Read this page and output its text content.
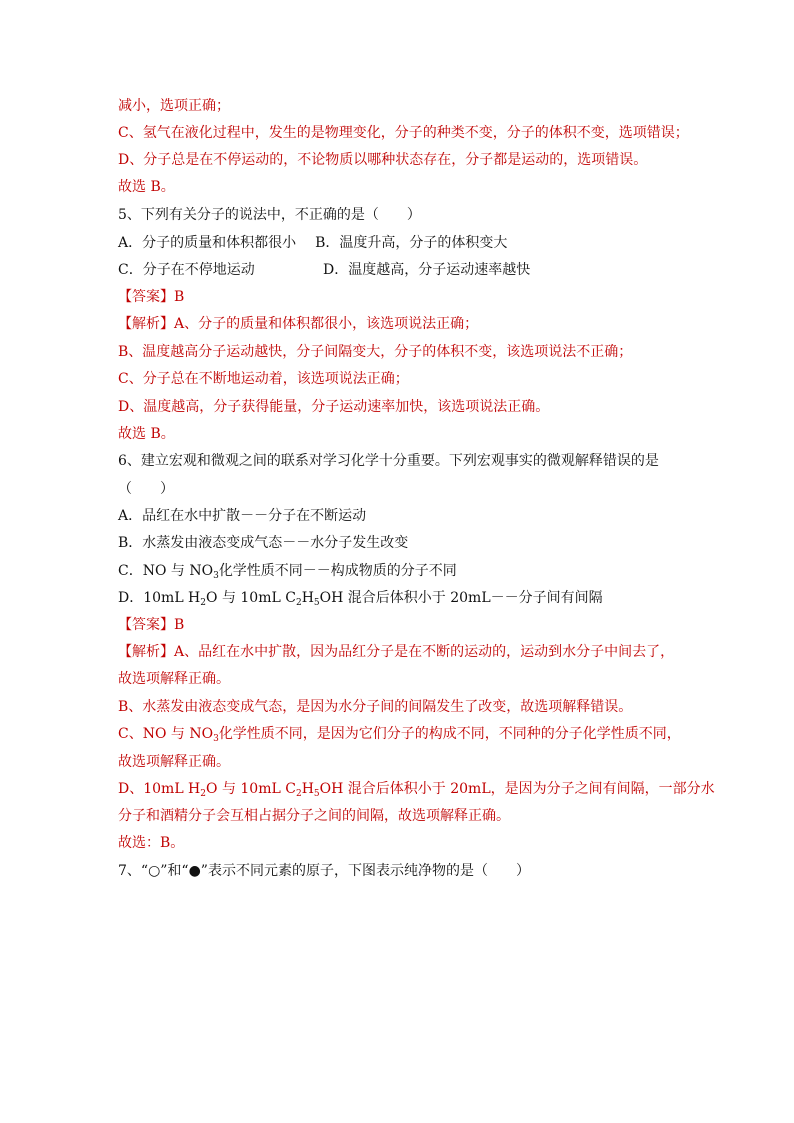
减小，选项正确；
C、氢气在液化过程中，发生的是物理变化，分子的种类不变，分子的体积不变，选项错误；
D、分子总是在不停运动的，不论物质以哪种状态存在，分子都是运动的，选项错误。
故选 B。
5、下列有关分子的说法中，不正确的是（　　）
A．分子的质量和体积都很小 B．温度升高，分子的体积变大
C．分子在不停地运动	D．温度越高，分子运动速率越快
【答案】B
【解析】A、分子的质量和体积都很小，该选项说法正确；
B、温度越高分子运动越快，分子间隔变大，分子的体积不变，该选项说法不正确；
C、分子总在不断地运动着，该选项说法正确；
D、温度越高，分子获得能量，分子运动速率加快，该选项说法正确。
故选 B。
6、建立宏观和微观之间的联系对学习化学十分重要。下列宏观事实的微观解释错误的是
（　　）
A．品红在水中扩散－－分子在不断运动
B．水蒸发由液态变成气态－－水分子发生改变
C．NO 与 $NO_3$化学性质不同－－构成物质的分子不同
D．10mL $H_2O$ 与 10mL $C_2H_5OH$ 混合后体积小于 20mL－－分子间有间隔
【答案】B
【解析】A、品红在水中扩散，因为品红分子是在不断的运动的，运动到水分子中间去了，
故选项解释正确。
B、水蒸发由液态变成气态，是因为水分子间的间隔发生了改变，故选项解释错误。
C、NO 与 $NO_3$化学性质不同，是因为它们分子的构成不同，不同种的分子化学性质不同，
故选项解释正确。
D、10mL $H_2O$ 与 10mL $C_2H_5OH$ 混合后体积小于 20mL，是因为分子之间有间隔，一部分水
分子和酒精分子会互相占据分子之间的间隔，故选项解释正确。
故选：B。
7、“○”和“●”表示不同元素的原子，下图表示纯净物的是（　　）
